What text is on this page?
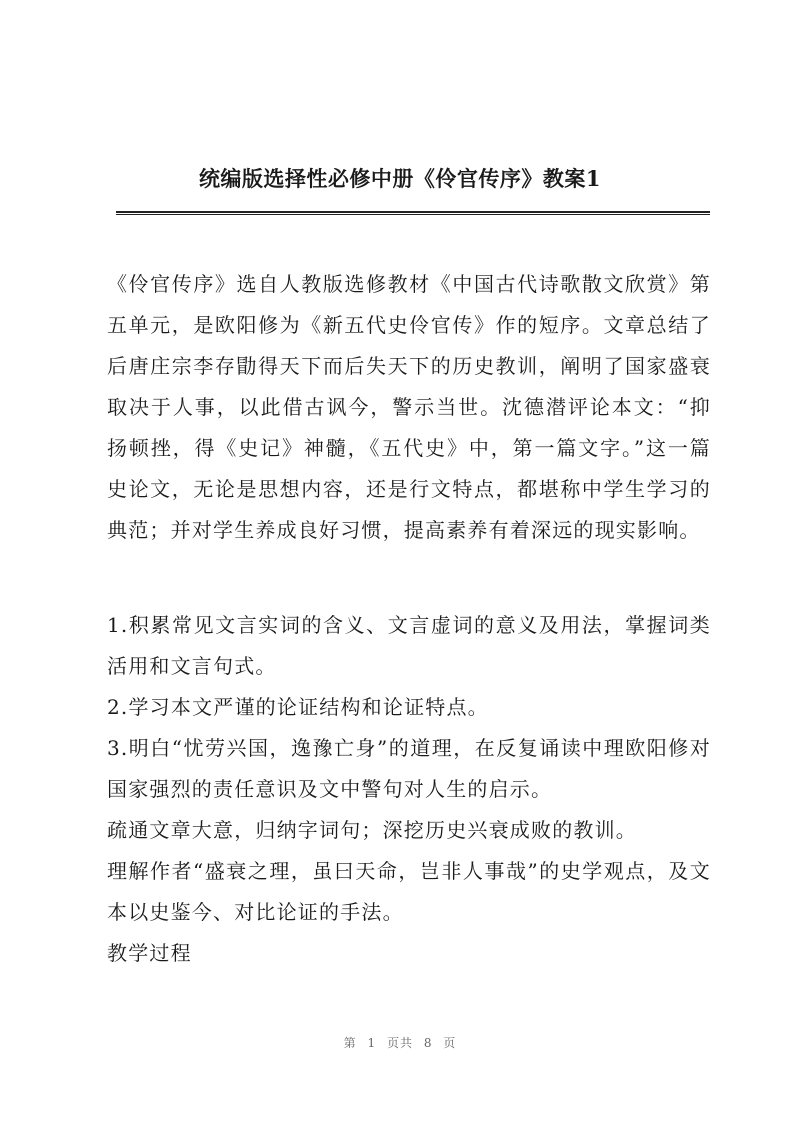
统编版选择性必修中册《伶官传序》教案1

《伶官传序》选自人教版选修教材《中国古代诗歌散文欣赏》第五单元，是欧阳修为《新五代史伶官传》作的短序。文章总结了后唐庄宗李存勖得天下而后失天下的历史教训，阐明了国家盛衰取决于人事，以此借古讽今，警示当世。沈德潜评论本文：“抑扬顿挫，得《史记》神髓，《五代史》中，第一篇文字。”这一篇史论文，无论是思想内容，还是行文特点，都堪称中学生学习的典范；并对学生养成良好习惯，提高素养有着深远的现实影响。

1.积累常见文言实词的含义、文言虚词的意义及用法，掌握词类活用和文言句式。

2.学习本文严谨的论证结构和论证特点。

3.明白“忧劳兴国，逸豫亡身”的道理，在反复诵读中理欧阳修对国家强烈的责任意识及文中警句对人生的启示。

疏通文章大意，归纳字词句；深挖历史兴衰成败的教训。

理解作者“盛衰之理，虽曰天命，岂非人事哉”的史学观点，及文本以史鉴今、对比论证的手法。

教学过程

第 1 页共 8 页
